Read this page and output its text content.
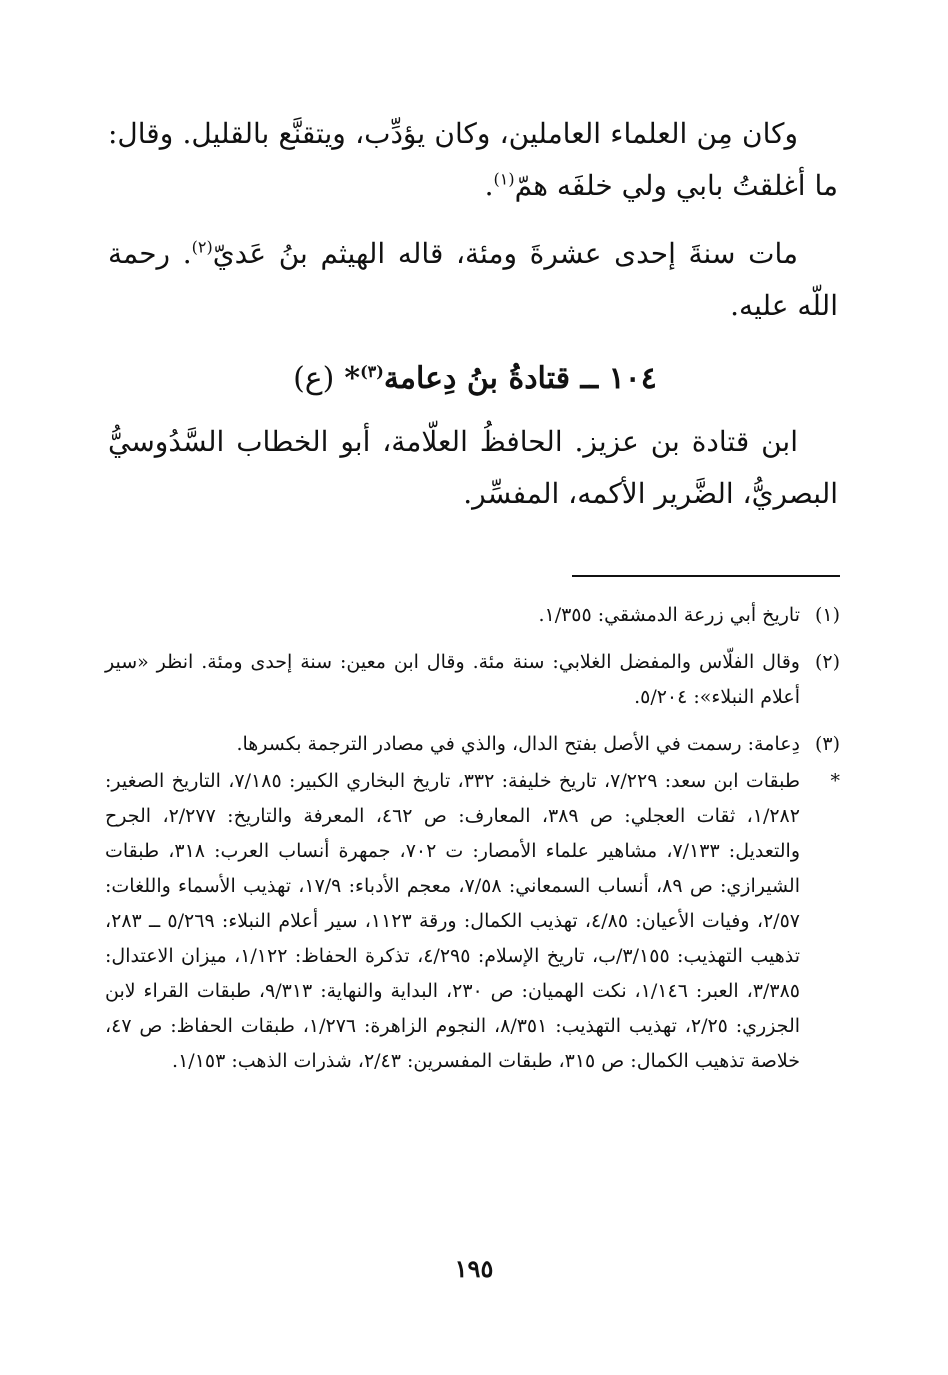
وكان مِن العلماء العاملين، وكان يؤدِّب، ويتقنَّع بالقليل. وقال: ما أغلقتُ بابي ولي خلفَه همّ$^{(١)}$.
مات سنةَ إحدى عشرةَ ومئة، قاله الهيثم بنُ عَديّ$^{(٢)}$. رحمة اللّه عليه.
١٠٤ ــ قتادةُ بنُ دِعامة$^{(٣)}$*(ع)
ابن قتادة بن عزيز. الحافظُ العلّامة، أبو الخطاب السَّدُوسيُّ البصريُّ، الضَّرير الأكمه، المفسِّر.
(١)
تاريخ أبي زرعة الدمشقي: ١/٣٥٥.
(٢)
وقال الفلّاس والمفضل الغلابي: سنة مئة. وقال ابن معين: سنة إحدى ومئة. انظر «سير أعلام النبلاء»: ٥/٢٠٤.
(٣)
دِعامة: رسمت في الأصل بفتح الدال، والذي في مصادر الترجمة بكسرها.
*
طبقات ابن سعد: ٧/٢٢٩، تاريخ خليفة: ٣٣٢، تاريخ البخاري الكبير: ٧/١٨٥، التاريخ الصغير: ١/٢٨٢، ثقات العجلي: ص ٣٨٩، المعارف: ص ٤٦٢، المعرفة والتاريخ: ٢/٢٧٧، الجرح والتعديل: ٧/١٣٣، مشاهير علماء الأمصار: ت ٧٠٢، جمهرة أنساب العرب: ٣١٨، طبقات الشيرازي: ص ٨٩، أنساب السمعاني: ٧/٥٨، معجم الأدباء: ١٧/٩، تهذيب الأسماء واللغات: ٢/٥٧، وفيات الأعيان: ٤/٨٥، تهذيب الكمال: ورقة ١١٢٣، سير أعلام النبلاء: ٥/٢٦٩ ــ ٢٨٣، تذهيب التهذيب: ٣/١٥٥/ب، تاريخ الإسلام: ٤/٢٩٥، تذكرة الحفاظ: ١/١٢٢، ميزان الاعتدال: ٣/٣٨٥، العبر: ١/١٤٦، نكت الهميان: ص ٢٣٠، البداية والنهاية: ٩/٣١٣، طبقات القراء لابن الجزري: ٢/٢٥، تهذيب التهذيب: ٨/٣٥١، النجوم الزاهرة: ١/٢٧٦، طبقات الحفاظ: ص ٤٧، خلاصة تذهيب الكمال: ص ٣١٥، طبقات المفسرين: ٢/٤٣، شذرات الذهب: ١/١٥٣.
١٩٥
